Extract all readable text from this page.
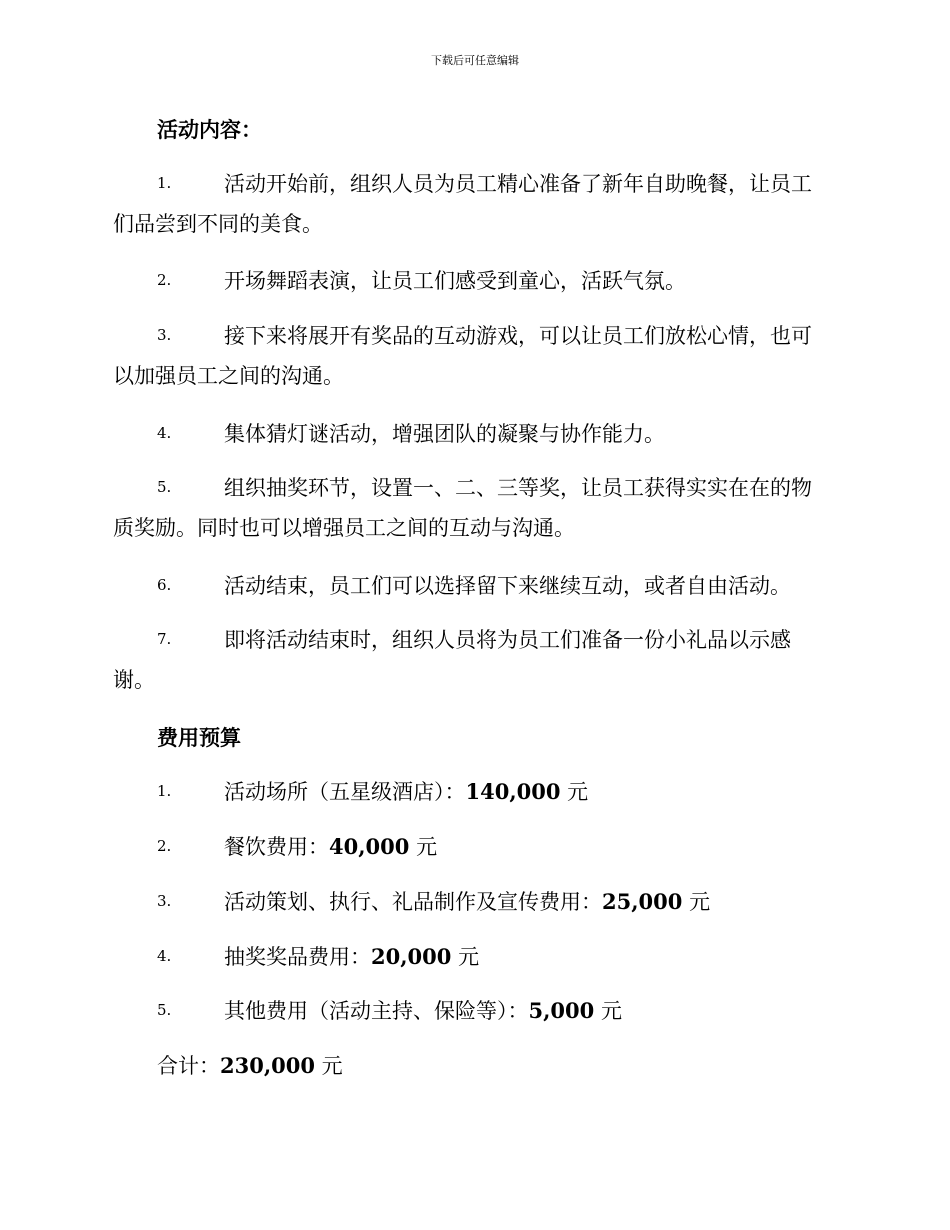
下载后可任意编辑
活动内容：
1.	活动开始前，组织人员为员工精心准备了新年自助晚餐，让员工
们品尝到不同的美食。
2.	开场舞蹈表演，让员工们感受到童心，活跃气氛。
3.	接下来将展开有奖品的互动游戏，可以让员工们放松心情，也可
以加强员工之间的沟通。
4.	集体猜灯谜活动，增强团队的凝聚与协作能力。
5.	组织抽奖环节，设置一、二、三等奖，让员工获得实实在在的物
质奖励。同时也可以增强员工之间的互动与沟通。
6.	活动结束，员工们可以选择留下来继续互动，或者自由活动。
7.	即将活动结束时，组织人员将为员工们准备一份小礼品以示感
谢。
费用预算
1.	活动场所（五星级酒店）：140,000 元
2.	餐饮费用：40,000 元
3.	活动策划、执行、礼品制作及宣传费用：25,000 元
4.	抽奖奖品费用：20,000 元
5.	其他费用（活动主持、保险等）：5,000 元
合计：230,000 元
